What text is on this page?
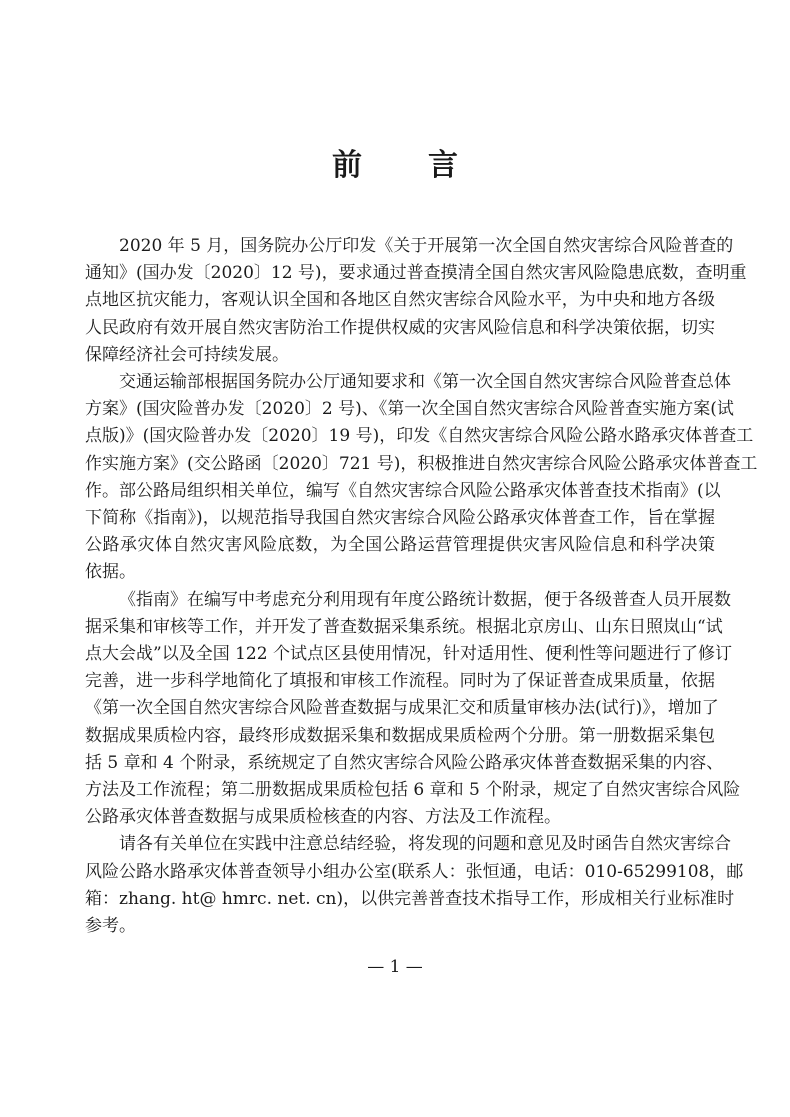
前 言
2020 年 5 月，国务院办公厅印发《关于开展第一次全国自然灾害综合风险普查的
通知》(国办发〔2020〕12 号)，要求通过普查摸清全国自然灾害风险隐患底数，查明重
点地区抗灾能力，客观认识全国和各地区自然灾害综合风险水平，为中央和地方各级
人民政府有效开展自然灾害防治工作提供权威的灾害风险信息和科学决策依据，切实
保障经济社会可持续发展。
交通运输部根据国务院办公厅通知要求和《第一次全国自然灾害综合风险普查总体
方案》(国灾险普办发〔2020〕2 号)、《第一次全国自然灾害综合风险普查实施方案(试
点版)》(国灾险普办发〔2020〕19 号)，印发《自然灾害综合风险公路水路承灾体普查工
作实施方案》(交公路函〔2020〕721 号)，积极推进自然灾害综合风险公路承灾体普查工
作。部公路局组织相关单位，编写《自然灾害综合风险公路承灾体普查技术指南》(以
下简称《指南》)，以规范指导我国自然灾害综合风险公路承灾体普查工作，旨在掌握
公路承灾体自然灾害风险底数，为全国公路运营管理提供灾害风险信息和科学决策
依据。
《指南》在编写中考虑充分利用现有年度公路统计数据，便于各级普查人员开展数
据采集和审核等工作，并开发了普查数据采集系统。根据北京房山、山东日照岚山“试
点大会战”以及全国 122 个试点区县使用情况，针对适用性、便利性等问题进行了修订
完善，进一步科学地简化了填报和审核工作流程。同时为了保证普查成果质量，依据
《第一次全国自然灾害综合风险普查数据与成果汇交和质量审核办法(试行)》，增加了
数据成果质检内容，最终形成数据采集和数据成果质检两个分册。第一册数据采集包
括 5 章和 4 个附录，系统规定了自然灾害综合风险公路承灾体普查数据采集的内容、
方法及工作流程；第二册数据成果质检包括 6 章和 5 个附录，规定了自然灾害综合风险
公路承灾体普查数据与成果质检核查的内容、方法及工作流程。
请各有关单位在实践中注意总结经验，将发现的问题和意见及时函告自然灾害综合
风险公路水路承灾体普查领导小组办公室(联系人：张恒通，电话：010-65299108，邮
箱：zhang. ht@ hmrc. net. cn)，以供完善普查技术指导工作，形成相关行业标准时
参考。
— 1 —
